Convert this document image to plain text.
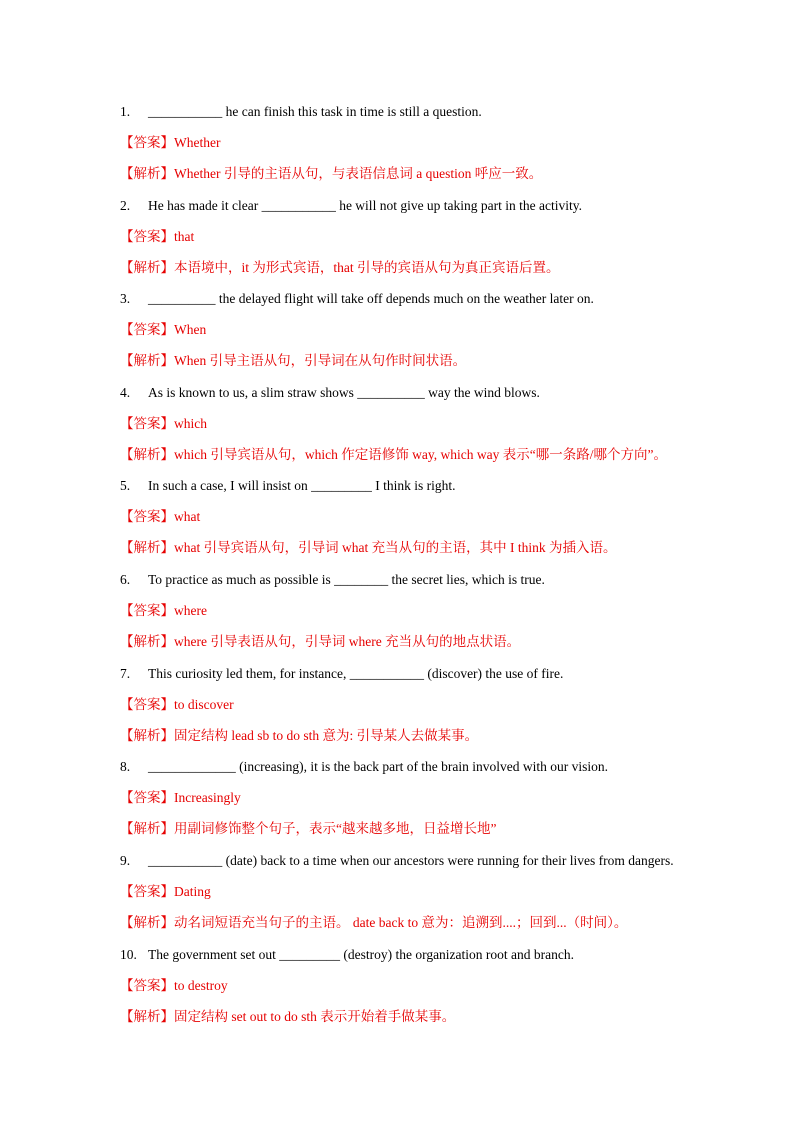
1. ___________ he can finish this task in time is still a question.
【答案】Whether
【解析】Whether 引导的主语从句，与表语信息词 a question 呼应一致。
2. He has made it clear ___________ he will not give up taking part in the activity.
【答案】that
【解析】本语境中，it 为形式宾语，that 引导的宾语从句为真正宾语后置。
3. __________ the delayed flight will take off depends much on the weather later on.
【答案】When
【解析】When 引导主语从句，引导词在从句作时间状语。
4. As is known to us, a slim straw shows __________ way the wind blows.
【答案】which
【解析】which 引导宾语从句，which 作定语修饰 way, which way 表示“哪一条路/哪个方向”。
5. In such a case, I will insist on _________ I think is right.
【答案】what
【解析】what 引导宾语从句，引导词 what 充当从句的主语，其中 I think 为插入语。
6. To practice as much as possible is ________ the secret lies, which is true.
【答案】where
【解析】where 引导表语从句，引导词 where 充当从句的地点状语。
7. This curiosity led them, for instance, ___________ (discover) the use of fire.
【答案】to discover
【解析】固定结构 lead sb to do sth 意为: 引导某人去做某事。
8. _____________ (increasing), it is the back part of the brain involved with our vision.
【答案】Increasingly
【解析】用副词修饰整个句子，表示“越来越多地，日益增长地”
9. ___________ (date) back to a time when our ancestors were running for their lives from dangers.
【答案】Dating
【解析】动名词短语充当句子的主语。 date back to 意为：追溯到....；回到...（时间）。
10. The government set out _________ (destroy) the organization root and branch.
【答案】to destroy
【解析】固定结构 set out to do sth 表示开始着手做某事。
